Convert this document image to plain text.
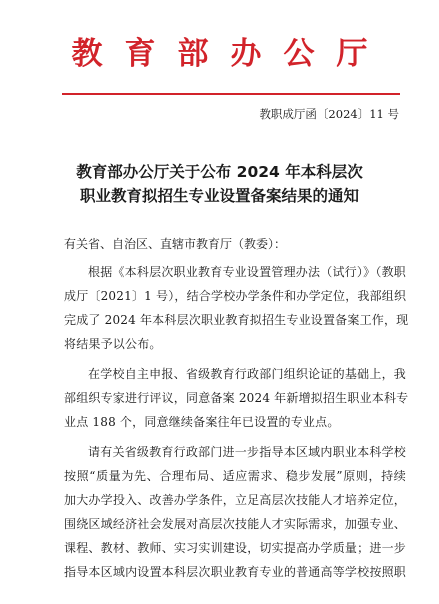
教育部办公厅
教职成厅函〔2024〕11 号
教育部办公厅关于公布 2024 年本科层次
职业教育拟招生专业设置备案结果的通知
有关省、自治区、直辖市教育厅（教委）：
根据《本科层次职业教育专业设置管理办法（试行）》（教职
成厅〔2021〕1 号），结合学校办学条件和办学定位，我部组织
完成了 2024 年本科层次职业教育拟招生专业设置备案工作，现
将结果予以公布。
在学校自主申报、省级教育行政部门组织论证的基础上，我
部组织专家进行评议，同意备案 2024 年新增拟招生职业本科专
业点 188 个，同意继续备案往年已设置的专业点。
请有关省级教育行政部门进一步指导本区域内职业本科学校
按照“质量为先、合理布局、适应需求、稳步发展”原则，持续
加大办学投入、改善办学条件，立足高层次技能人才培养定位，
围绕区域经济社会发展对高层次技能人才实际需求，加强专业、
课程、教材、教师、实习实训建设，切实提高办学质量；进一步
指导本区域内设置本科层次职业教育专业的普通高等学校按照职
